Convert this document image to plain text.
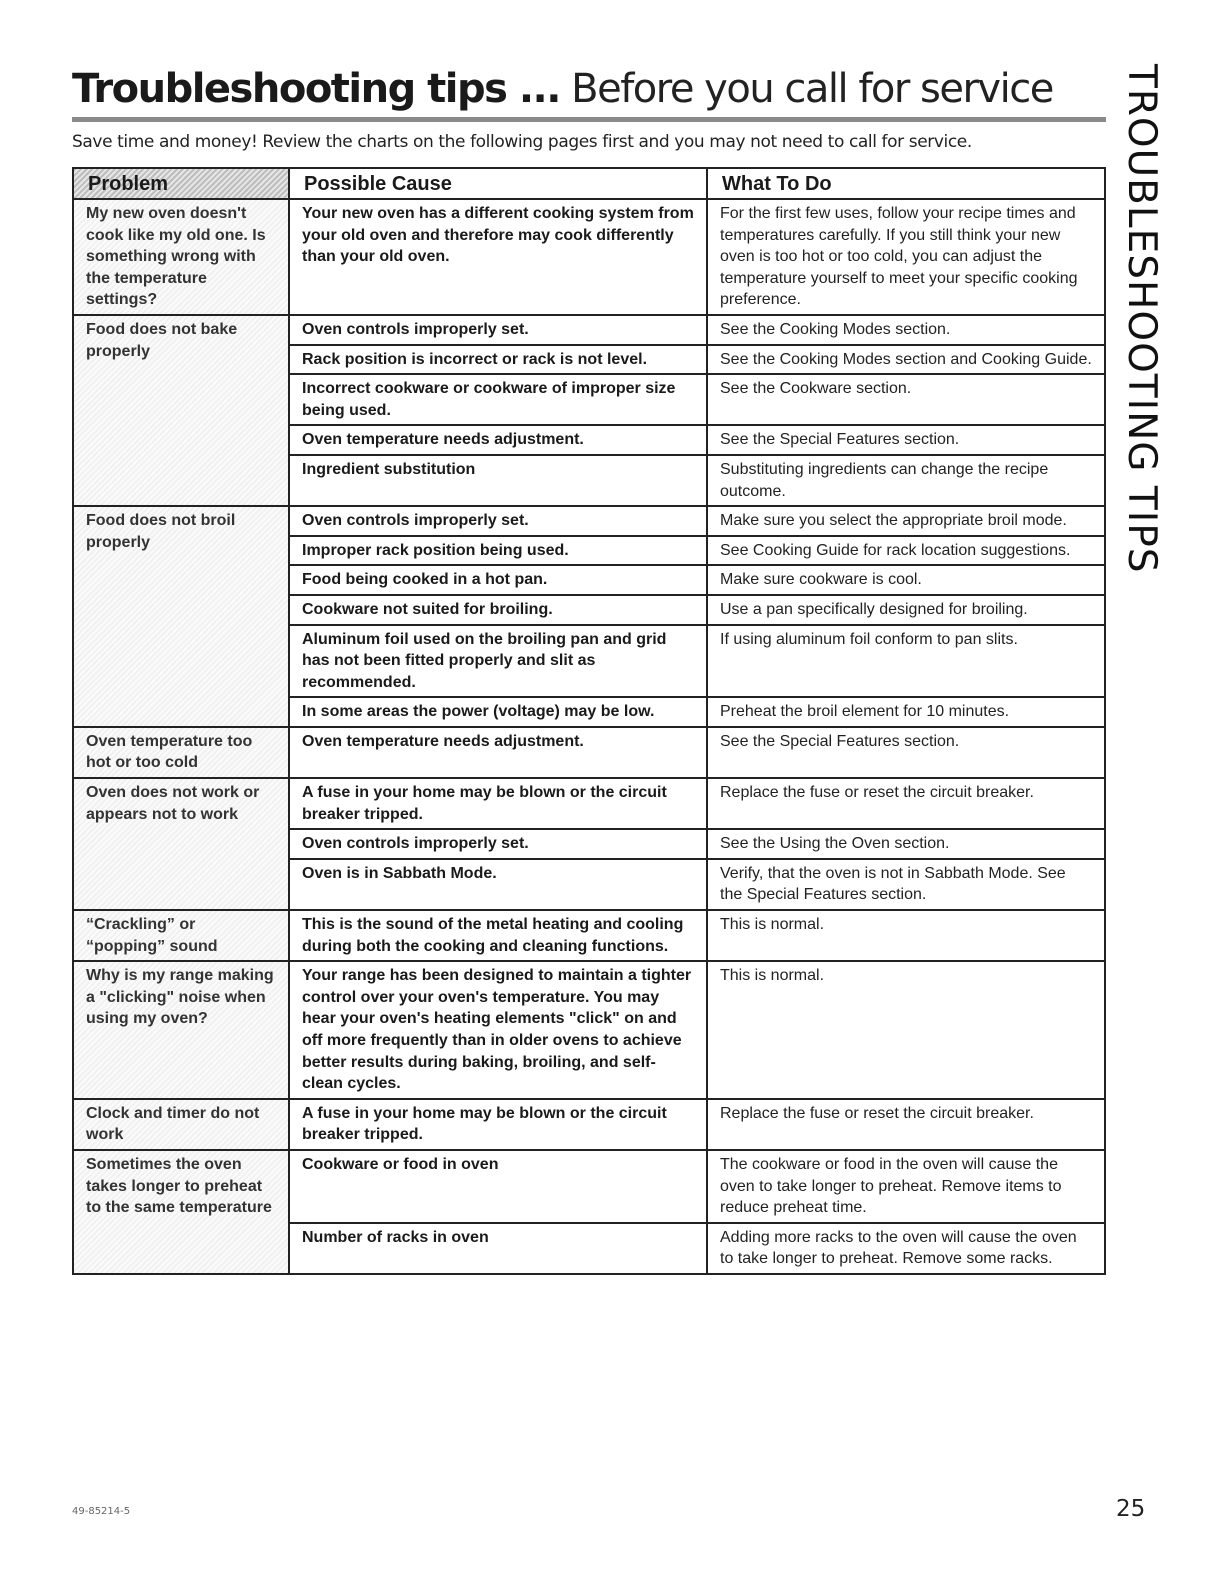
Troubleshooting tips ... Before you call for service
Save time and money! Review the charts on the following pages first and you may not need to call for service.	TROUBLESHOOTING TIPS
Problem	Possible Cause	What To Do
My new oven doesn't cook like my old one. Is something wrong with the temperature settings?	Your new oven has a different cooking system from your old oven and therefore may cook differently than your old oven.	For the first few uses, follow your recipe times and temperatures carefully. If you still think your new oven is too hot or too cold, you can adjust the temperature yourself to meet your specific cooking preference.
Food does not bake properly	Oven controls improperly set.	See the Cooking Modes section.
	Rack position is incorrect or rack is not level.	See the Cooking Modes section and Cooking Guide.
	Incorrect cookware or cookware of improper size being used.	See the Cookware section.
	Oven temperature needs adjustment.	See the Special Features section.
	Ingredient substitution	Substituting ingredients can change the recipe outcome.
Food does not broil properly	Oven controls improperly set.	Make sure you select the appropriate broil mode.
	Improper rack position being used.	See Cooking Guide for rack location suggestions.
	Food being cooked in a hot pan.	Make sure cookware is cool.
	Cookware not suited for broiling.	Use a pan specifically designed for broiling.
	Aluminum foil used on the broiling pan and grid has not been fitted properly and slit as recommended.	If using aluminum foil conform to pan slits.
	In some areas the power (voltage) may be low.	Preheat the broil element for 10 minutes.
Oven temperature too hot or too cold	Oven temperature needs adjustment.	See the Special Features section.
Oven does not work or appears not to work	A fuse in your home may be blown or the circuit breaker tripped.	Replace the fuse or reset the circuit breaker.
	Oven controls improperly set.	See the Using the Oven section.
	Oven is in Sabbath Mode.	Verify, that the oven is not in Sabbath Mode. See the Special Features section.
“Crackling” or “popping” sound	This is the sound of the metal heating and cooling during both the cooking and cleaning functions.	This is normal.
Why is my range making a "clicking" noise when using my oven?	Your range has been designed to maintain a tighter control over your oven's temperature. You may hear your oven's heating elements "click" on and off more frequently than in older ovens to achieve better results during baking, broiling, and self-clean cycles.	This is normal.
Clock and timer do not work	A fuse in your home may be blown or the circuit breaker tripped.	Replace the fuse or reset the circuit breaker.
Sometimes the oven takes longer to preheat to the same temperature	Cookware or food in oven	The cookware or food in the oven will cause the oven to take longer to preheat. Remove items to reduce preheat time.
	Number of racks in oven	Adding more racks to the oven will cause the oven to take longer to preheat. Remove some racks.
49-85214-5	25
